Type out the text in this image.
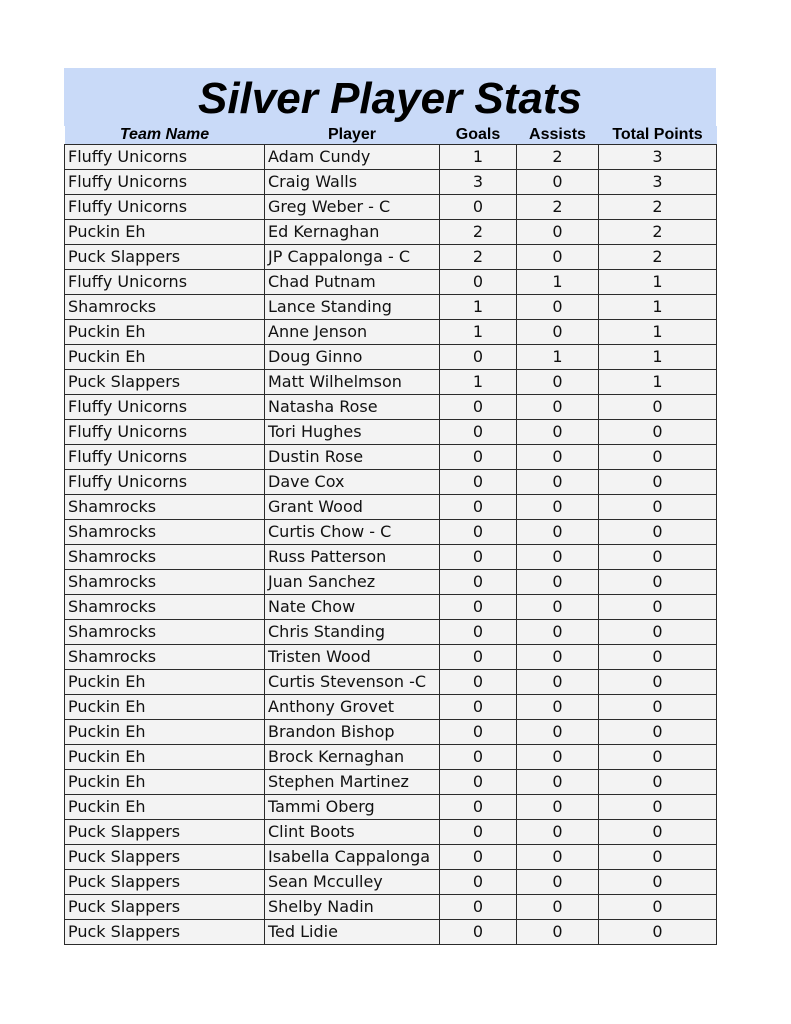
Silver Player Stats
Team Name	Player	Goals	Assists	Total Points
Fluffy Unicorns	Adam Cundy	1	2	3
Fluffy Unicorns	Craig Walls	3	0	3
Fluffy Unicorns	Greg Weber - C	0	2	2
Puckin Eh	Ed Kernaghan	2	0	2
Puck Slappers	JP Cappalonga - C	2	0	2
Fluffy Unicorns	Chad Putnam	0	1	1
Shamrocks	Lance Standing	1	0	1
Puckin Eh	Anne Jenson	1	0	1
Puckin Eh	Doug Ginno	0	1	1
Puck Slappers	Matt Wilhelmson	1	0	1
Fluffy Unicorns	Natasha Rose	0	0	0
Fluffy Unicorns	Tori Hughes	0	0	0
Fluffy Unicorns	Dustin Rose	0	0	0
Fluffy Unicorns	Dave Cox	0	0	0
Shamrocks	Grant Wood	0	0	0
Shamrocks	Curtis Chow - C	0	0	0
Shamrocks	Russ Patterson	0	0	0
Shamrocks	Juan Sanchez	0	0	0
Shamrocks	Nate Chow	0	0	0
Shamrocks	Chris Standing	0	0	0
Shamrocks	Tristen Wood	0	0	0
Puckin Eh	Curtis Stevenson -C	0	0	0
Puckin Eh	Anthony Grovet	0	0	0
Puckin Eh	Brandon Bishop	0	0	0
Puckin Eh	Brock Kernaghan	0	0	0
Puckin Eh	Stephen Martinez	0	0	0
Puckin Eh	Tammi Oberg	0	0	0
Puck Slappers	Clint Boots	0	0	0
Puck Slappers	Isabella Cappalonga	0	0	0
Puck Slappers	Sean Mcculley	0	0	0
Puck Slappers	Shelby Nadin	0	0	0
Puck Slappers	Ted Lidie	0	0	0
